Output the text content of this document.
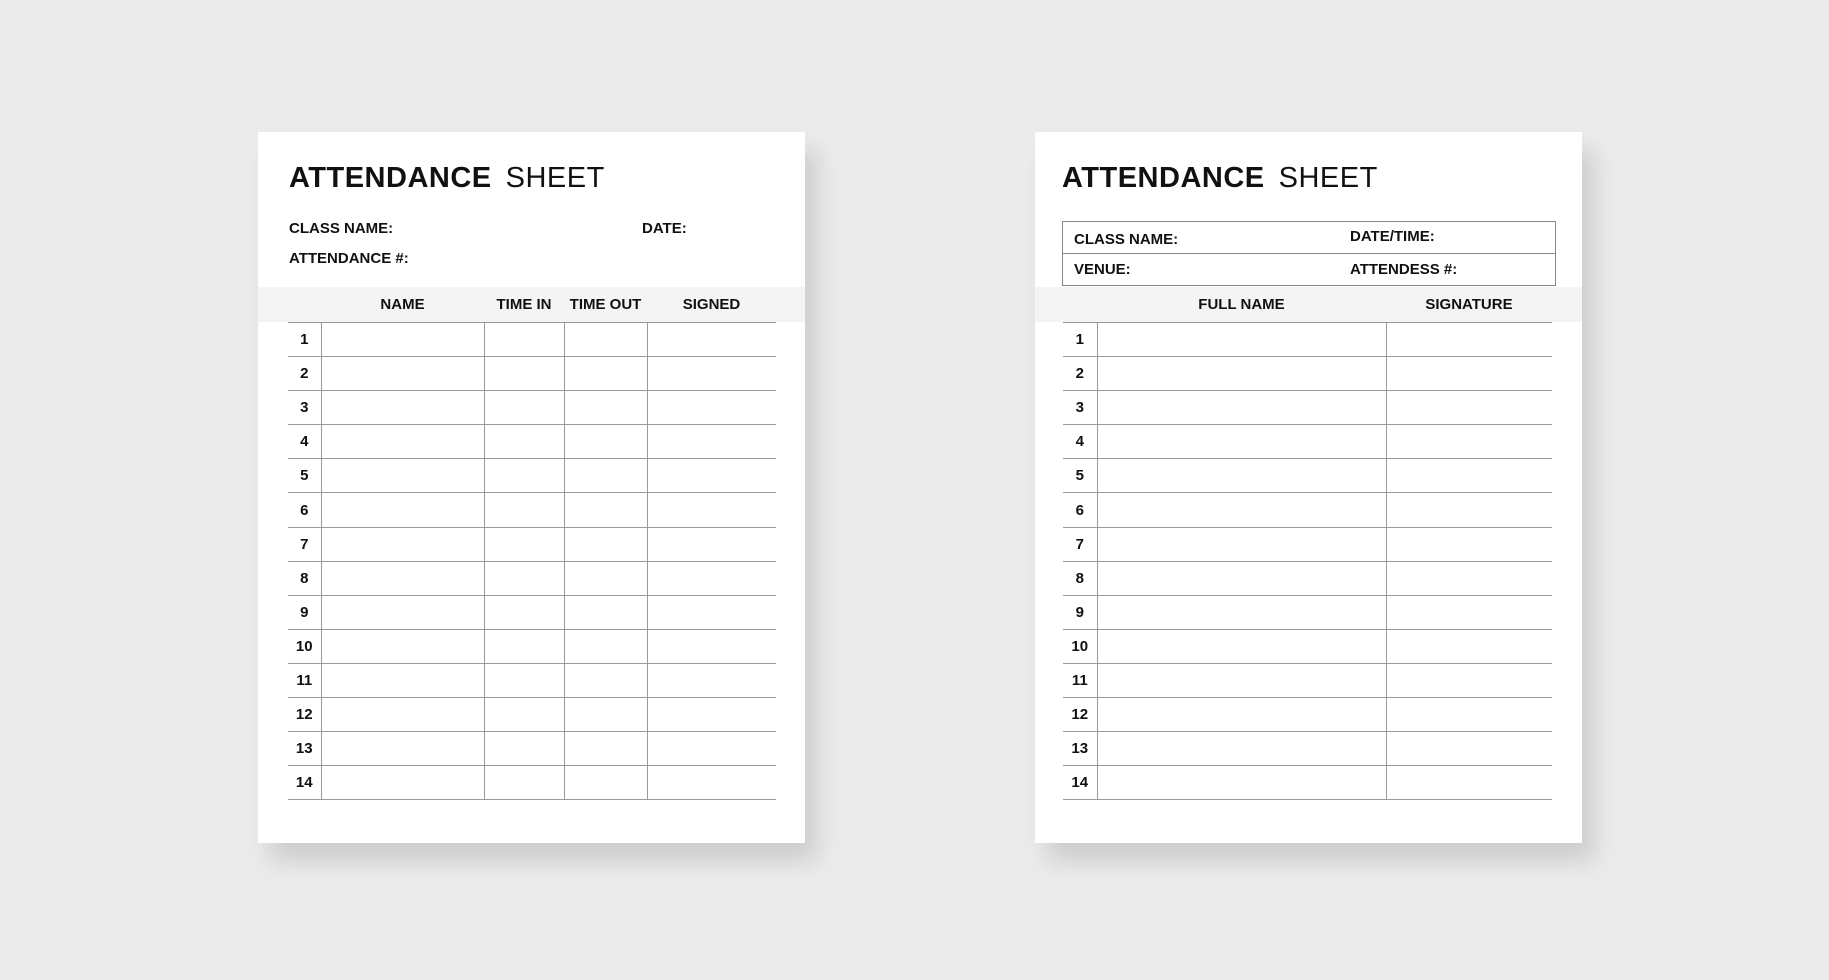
ATTENDANCE SHEET
CLASS NAME:	DATE:
ATTENDANCE #:
NAME	TIME IN	TIME OUT	SIGNED
1				
2				
3				
4				
5				
6				
7				
8				
9				
10				
11				
12				
13				
14				
ATTENDANCE SHEET
CLASS NAME:	DATE/TIME:
VENUE:	ATTENDESS #:
FULL NAME	SIGNATURE
1		
2		
3		
4		
5		
6		
7		
8		
9		
10		
11		
12		
13		
14		
